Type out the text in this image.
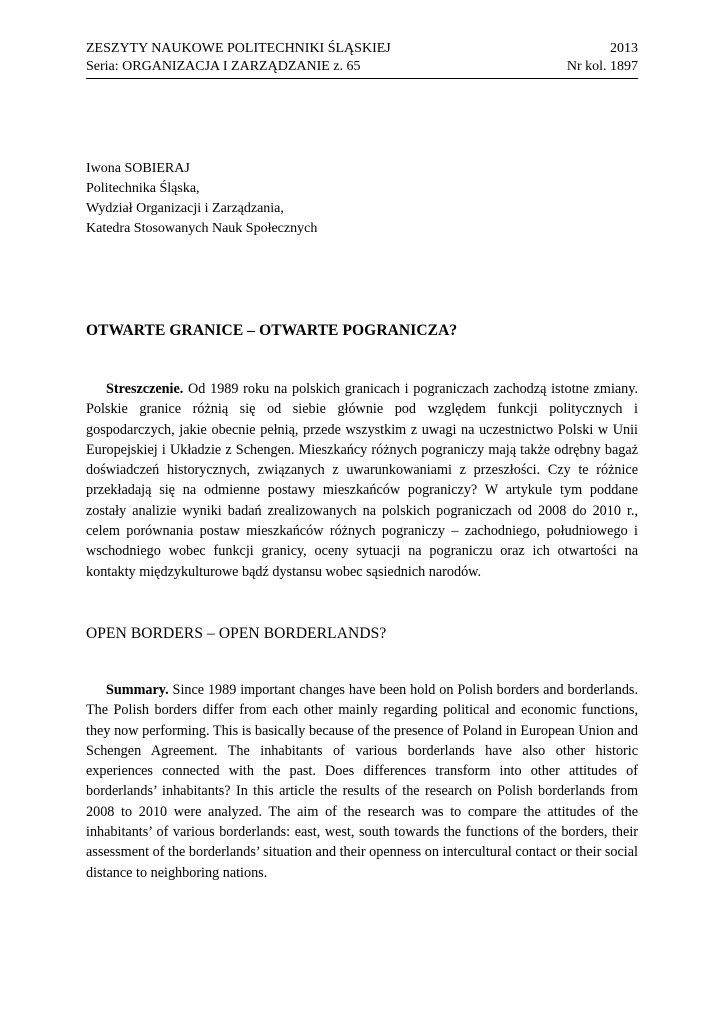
ZESZYTY NAUKOWE POLITECHNIKI ŚLĄSKIEJ	2013
Seria: ORGANIZACJA I ZARZĄDZANIE z. 65	Nr kol. 1897
Iwona SOBIERAJ
Politechnika Śląska,
Wydział Organizacji i Zarządzania,
Katedra Stosowanych Nauk Społecznych
OTWARTE GRANICE – OTWARTE POGRANICZA?

Streszczenie. Od 1989 roku na polskich granicach i pograniczach zachodzą istotne zmiany. Polskie granice różnią się od siebie głównie pod względem funkcji politycznych i gospodarczych, jakie obecnie pełnią, przede wszystkim z uwagi na uczestnictwo Polski w Unii Europejskiej i Układzie z Schengen. Mieszkańcy różnych pograniczy mają także odrębny bagaż doświadczeń historycznych, związanych z uwarunkowaniami z przeszłości. Czy te różnice przekładają się na odmienne postawy mieszkańców pograniczy? W artykule tym poddane zostały analizie wyniki badań zrealizowanych na polskich pograniczach od 2008 do 2010 r., celem porównania postaw mieszkańców różnych pograniczy – zachodniego, południowego i wschodniego wobec funkcji granicy, oceny sytuacji na pograniczu oraz ich otwartości na kontakty międzykulturowe bądź dystansu wobec sąsiednich narodów.

OPEN BORDERS – OPEN BORDERLANDS?

Summary. Since 1989 important changes have been hold on Polish borders and borderlands. The Polish borders differ from each other mainly regarding political and economic functions, they now performing. This is basically because of the presence of Poland in European Union and Schengen Agreement. The inhabitants of various borderlands have also other historic experiences connected with the past. Does differences transform into other attitudes of borderlands’ inhabitants? In this article the results of the research on Polish borderlands from 2008 to 2010 were analyzed. The aim of the research was to compare the attitudes of the inhabitants’ of various borderlands: east, west, south towards the functions of the borders, their assessment of the borderlands’ situation and their openness on intercultural contact or their social distance to neighboring nations.
